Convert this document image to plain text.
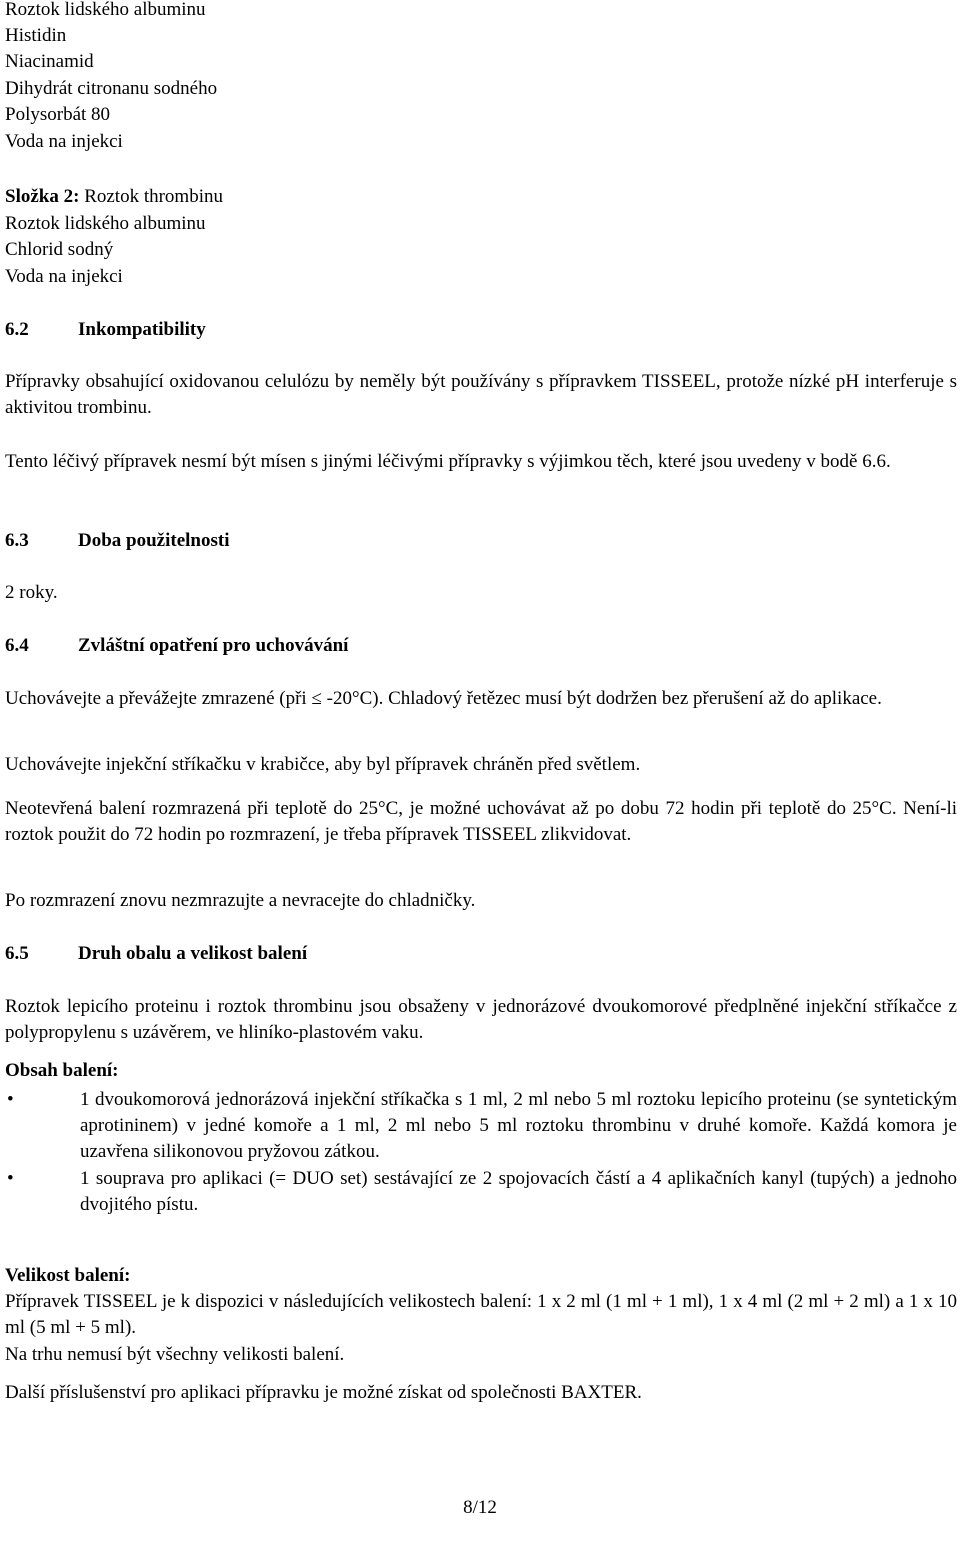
Roztok lidského albuminu
Histidin
Niacinamid
Dihydrát citronanu sodného
Polysorbát 80
Voda na injekci
Složka 2: Roztok thrombinu
Roztok lidského albuminu
Chlorid sodný
Voda na injekci
6.2	Inkompatibility
Přípravky obsahující oxidovanou celulózu by neměly být používány s přípravkem TISSEEL, protože nízké pH interferuje s aktivitou trombinu.
Tento léčivý přípravek nesmí být mísen s jinými léčivými přípravky s výjimkou těch, které jsou uvedeny v bodě 6.6.
6.3	Doba použitelnosti
2 roky.
6.4	Zvláštní opatření pro uchovávání
Uchovávejte a převážejte zmrazené (při ≤ -20°C). Chladový řetězec musí být dodržen bez přerušení až do aplikace.
Uchovávejte injekční stříkačku v krabičce, aby byl přípravek chráněn před světlem.
Neotevřená balení rozmrazená při teplotě do 25°C, je možné uchovávat až po dobu 72 hodin při teplotě do 25°C. Není-li roztok použit do 72 hodin po rozmrazení, je třeba přípravek TISSEEL zlikvidovat.
Po rozmrazení znovu nezmrazujte a nevracejte do chladničky.
6.5	Druh obalu a velikost balení
Roztok lepicího proteinu i roztok thrombinu jsou obsaženy v jednorázové dvoukomorové předplněné injekční stříkačce z polypropylenu s uzávěrem, ve hliníko-plastovém vaku.
Obsah balení:
•	1 dvoukomorová jednorázová injekční stříkačka s 1 ml, 2 ml nebo 5 ml roztoku lepicího proteinu (se syntetickým aprotininem) v jedné komoře a 1 ml, 2 ml nebo 5 ml roztoku thrombinu v druhé komoře. Každá komora je uzavřena silikonovou pryžovou zátkou.
•	1 souprava pro aplikaci (= DUO set) sestávající ze 2 spojovacích částí a 4 aplikačních kanyl (tupých) a jednoho dvojitého pístu.
Velikost balení:
Přípravek TISSEEL je k dispozici v následujících velikostech balení: 1 x 2 ml (1 ml + 1 ml), 1 x 4 ml (2 ml + 2 ml) a 1 x 10 ml (5 ml + 5 ml).
Na trhu nemusí být všechny velikosti balení.
Další příslušenství pro aplikaci přípravku je možné získat od společnosti BAXTER.
8/12
